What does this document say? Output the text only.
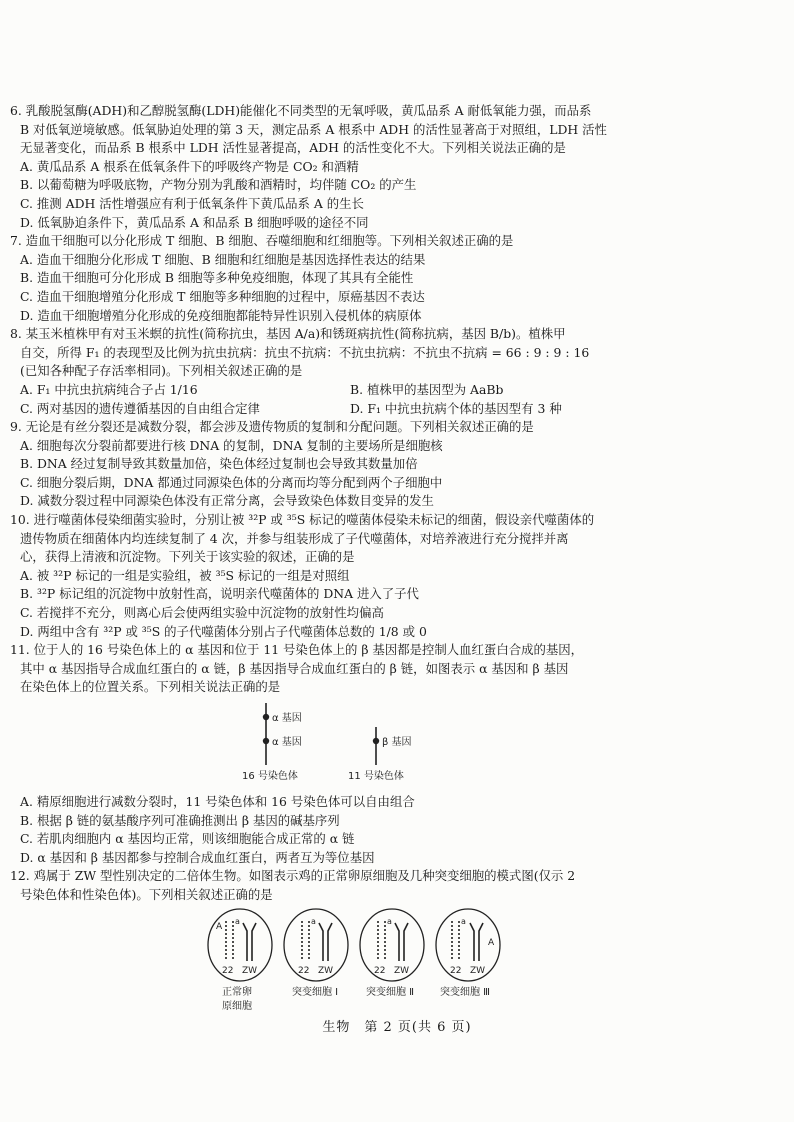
6. 乳酸脱氢酶(ADH)和乙醇脱氢酶(LDH)能催化不同类型的无氧呼吸，黄瓜品系 A 耐低氧能力强，而品系

B 对低氧逆境敏感。低氧胁迫处理的第 3 天，测定品系 A 根系中 ADH 的活性显著高于对照组，LDH 活性

无显著变化，而品系 B 根系中 LDH 活性显著提高，ADH 的活性变化不大。下列相关说法正确的是

A. 黄瓜品系 A 根系在低氧条件下的呼吸终产物是 CO₂ 和酒精

B. 以葡萄糖为呼吸底物，产物分别为乳酸和酒精时，均伴随 CO₂ 的产生

C. 推测 ADH 活性增强应有利于低氧条件下黄瓜品系 A 的生长

D. 低氧胁迫条件下，黄瓜品系 A 和品系 B 细胞呼吸的途径不同

7. 造血干细胞可以分化形成 T 细胞、B 细胞、吞噬细胞和红细胞等。下列相关叙述正确的是

A. 造血干细胞分化形成 T 细胞、B 细胞和红细胞是基因选择性表达的结果

B. 造血干细胞可分化形成 B 细胞等多种免疫细胞，体现了其具有全能性

C. 造血干细胞增殖分化形成 T 细胞等多种细胞的过程中，原癌基因不表达

D. 造血干细胞增殖分化形成的免疫细胞都能特异性识别入侵机体的病原体

8. 某玉米植株甲有对玉米螟的抗性(简称抗虫，基因 A/a)和锈斑病抗性(简称抗病，基因 B/b)。植株甲

自交，所得 F₁ 的表现型及比例为抗虫抗病：抗虫不抗病：不抗虫抗病：不抗虫不抗病 = 66 : 9 : 9 : 16

(已知各种配子存活率相同)。下列相关叙述正确的是

A. F₁ 中抗虫抗病纯合子占 1/16	B. 植株甲的基因型为 AaBb
C. 两对基因的遗传遵循基因的自由组合定律	D. F₁ 中抗虫抗病个体的基因型有 3 种

9. 无论是有丝分裂还是减数分裂，都会涉及遗传物质的复制和分配问题。下列相关叙述正确的是

A. 细胞每次分裂前都要进行核 DNA 的复制，DNA 复制的主要场所是细胞核

B. DNA 经过复制导致其数量加倍，染色体经过复制也会导致其数量加倍

C. 细胞分裂后期，DNA 都通过同源染色体的分离而均等分配到两个子细胞中

D. 减数分裂过程中同源染色体没有正常分离，会导致染色体数目变异的发生

10. 进行噬菌体侵染细菌实验时，分别让被 ³²P 或 ³⁵S 标记的噬菌体侵染未标记的细菌，假设亲代噬菌体的

遗传物质在细菌体内均连续复制了 4 次，并参与组装形成了子代噬菌体，对培养液进行充分搅拌并离

心，获得上清液和沉淀物。下列关于该实验的叙述，正确的是

A. 被 ³²P 标记的一组是实验组，被 ³⁵S 标记的一组是对照组

B. ³²P 标记组的沉淀物中放射性高，说明亲代噬菌体的 DNA 进入了子代

C. 若搅拌不充分，则离心后会使两组实验中沉淀物的放射性均偏高

D. 两组中含有 ³²P 或 ³⁵S 的子代噬菌体分别占子代噬菌体总数的 1/8 或 0

11. 位于人的 16 号染色体上的 α 基因和位于 11 号染色体上的 β 基因都是控制人血红蛋白合成的基因，

其中 α 基因指导合成血红蛋白的 α 链，β 基因指导合成血红蛋白的 β 链，如图表示 α 基因和 β 基因

在染色体上的位置关系。下列相关说法正确的是

α 基因
α 基因
16 号染色体
β 基因
11 号染色体

A. 精原细胞进行减数分裂时，11 号染色体和 16 号染色体可以自由组合

B. 根据 β 链的氨基酸序列可准确推测出 β 基因的碱基序列

C. 若肌肉细胞内 α 基因均正常，则该细胞能合成正常的 α 链

D. α 基因和 β 基因都参与控制合成血红蛋白，两者互为等位基因

12. 鸡属于 ZW 型性别决定的二倍体生物。如图表示鸡的正常卵原细胞及几种突变细胞的模式图(仅示 2

号染色体和性染色体)。下列相关叙述正确的是

A
a
22 ZW
正常卵
原细胞
a
22 ZW
突变细胞 Ⅰ
a
22 ZW
突变细胞 Ⅱ
A
a
22 ZW
突变细胞 Ⅲ
生物　第 2 页(共 6 页)
